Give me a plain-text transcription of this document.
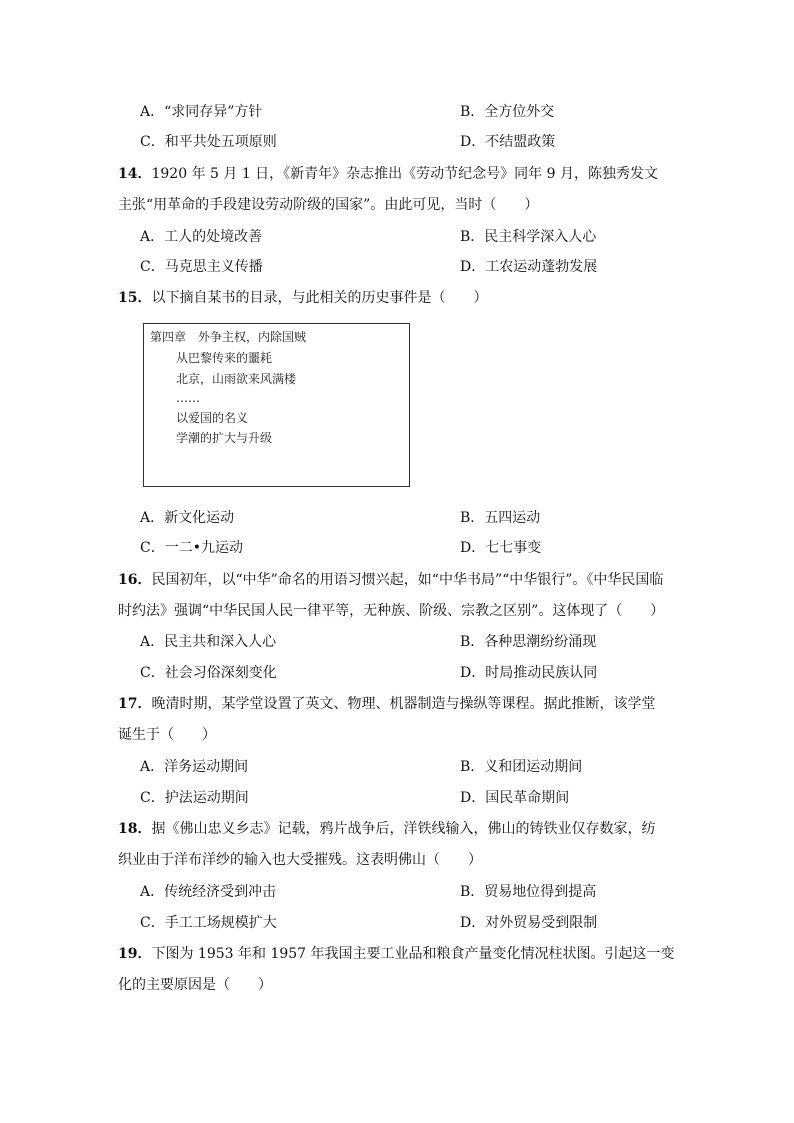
A．“求同存异”方针	B．全方位外交
C．和平共处五项原则	D．不结盟政策
14．1920 年 5 月 1 日，《新青年》杂志推出《劳动节纪念号》同年 9 月，陈独秀发文
主张“用革命的手段建设劳动阶级的国家”。由此可见，当时（　　）
A．工人的处境改善	B．民主科学深入人心
C．马克思主义传播	D．工农运动蓬勃发展
15．以下摘自某书的目录，与此相关的历史事件是（　　）
第四章　外争主权，内除国贼
从巴黎传来的噩耗
北京，山雨欲来风满楼
……
以爱国的名义
学潮的扩大与升级
A．新文化运动	B．五四运动
C．一二•九运动	D．七七事变
16．民国初年，以“中华”命名的用语习惯兴起，如“中华书局”“中华银行”。《中华民国临
时约法》强调“中华民国人民一律平等，无种族、阶级、宗教之区别”。这体现了（　　）
A．民主共和深入人心	B．各种思潮纷纷涌现
C．社会习俗深刻变化	D．时局推动民族认同
17．晚清时期，某学堂设置了英文、物理、机器制造与操纵等课程。据此推断，该学堂
诞生于（　　）
A．洋务运动期间	B．义和团运动期间
C．护法运动期间	D．国民革命期间
18．据《佛山忠义乡志》记载，鸦片战争后，洋铁线输入，佛山的铸铁业仅存数家，纺
织业由于洋布洋纱的输入也大受摧残。这表明佛山（　　）
A．传统经济受到冲击	B．贸易地位得到提高
C．手工工场规模扩大	D．对外贸易受到限制
19．下图为 1953 年和 1957 年我国主要工业品和粮食产量变化情况柱状图。引起这一变
化的主要原因是（　　）
